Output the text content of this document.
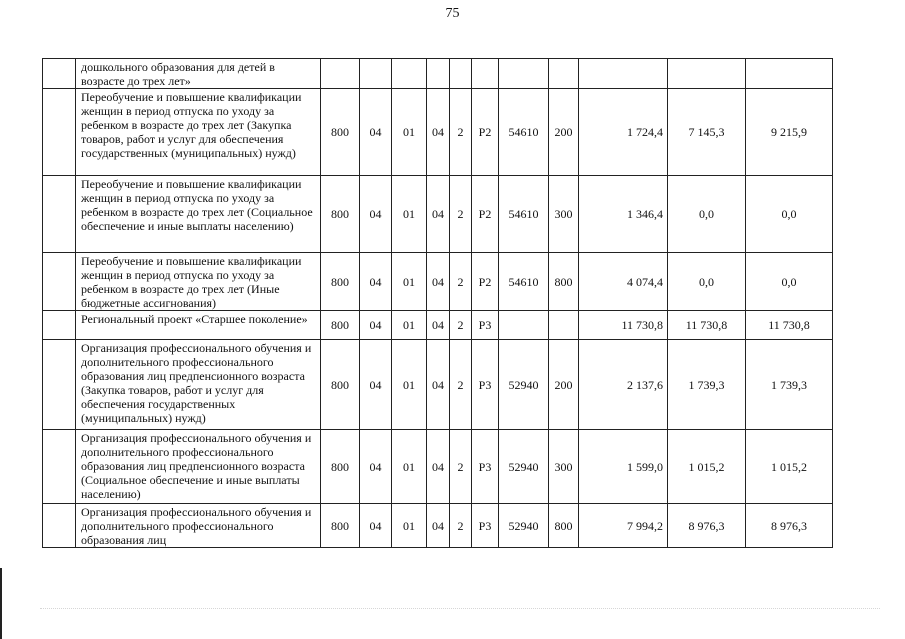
75
	дошкольного образования для детей в возрасте до трех лет»											
	Переобучение и повышение квалификации женщин в период отпуска по уходу за ребенком в возрасте до трех лет (Закупка товаров, работ и услуг для обеспечения государственных (муниципальных) нужд)	800	04	01	04	2	P2	54610	200	1 724,4	7 145,3	9 215,9
	Переобучение и повышение квалификации женщин в период отпуска по уходу за ребенком в возрасте до трех лет (Социальное обеспечение и иные выплаты населению)	800	04	01	04	2	P2	54610	300	1 346,4	0,0	0,0
	Переобучение и повышение квалификации женщин в период отпуска по уходу за ребенком в возрасте до трех лет (Иные бюджетные ассигнования)	800	04	01	04	2	P2	54610	800	4 074,4	0,0	0,0
	Региональный проект «Старшее поколение»	800	04	01	04	2	P3			11 730,8	11 730,8	11 730,8
	Организация профессионального обучения и дополнительного профессионального образования лиц предпенсионного возраста (Закупка товаров, работ и услуг для обеспечения государственных (муниципальных) нужд)	800	04	01	04	2	P3	52940	200	2 137,6	1 739,3	1 739,3
	Организация профессионального обучения и дополнительного профессионального образования лиц предпенсионного возраста (Социальное обеспечение и иные выплаты населению)	800	04	01	04	2	P3	52940	300	1 599,0	1 015,2	1 015,2
	Организация профессионального обучения и дополнительного профессионального образования лиц	800	04	01	04	2	P3	52940	800	7 994,2	8 976,3	8 976,3
